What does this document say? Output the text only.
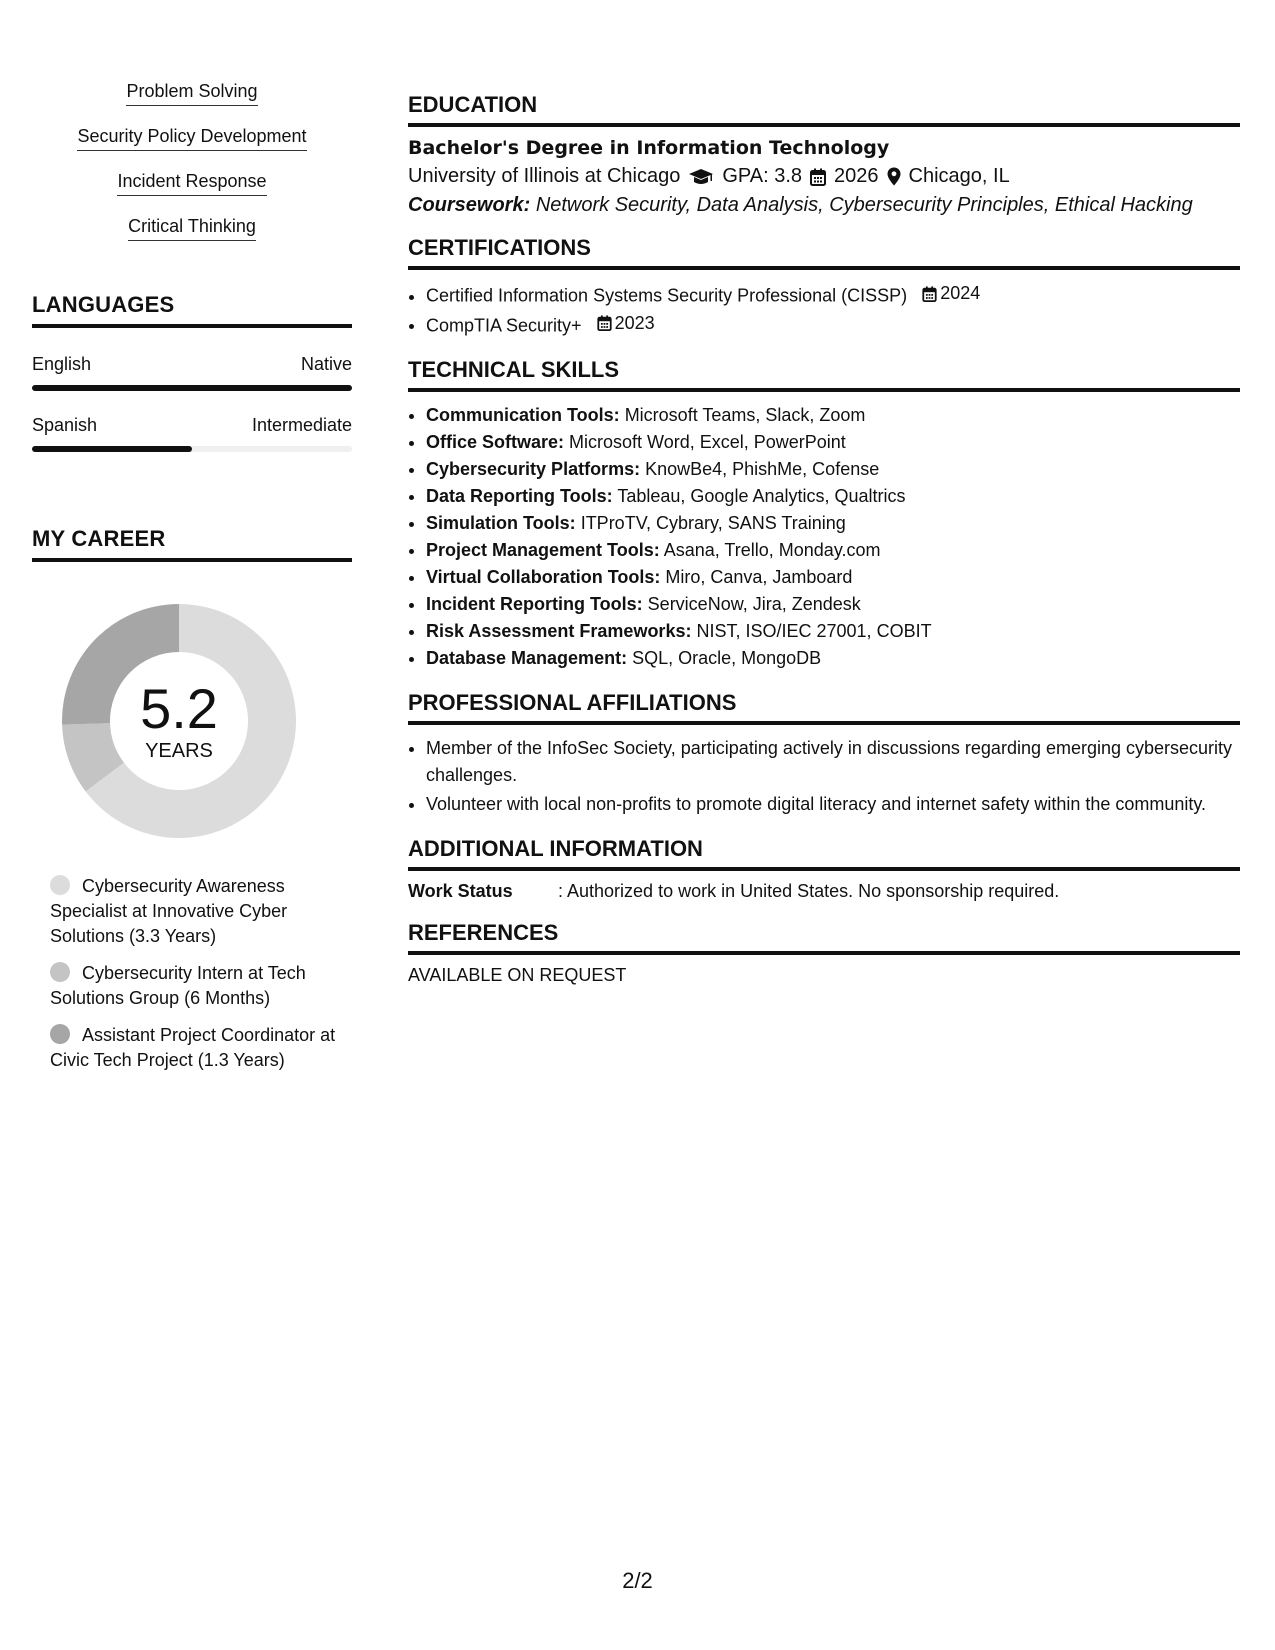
Problem Solving
Security Policy Development
Incident Response
Critical Thinking
LANGUAGES
English	Native
Spanish	Intermediate
MY CAREER
5.2
YEARS
Cybersecurity Awareness Specialist at Innovative Cyber Solutions (3.3 Years)
Cybersecurity Intern at Tech Solutions Group (6 Months)
Assistant Project Coordinator at Civic Tech Project (1.3 Years)
EDUCATION
Bachelor's Degree in Information Technology
University of Illinois at Chicago GPA: 3.8 2026 Chicago, IL
Coursework: Network Security, Data Analysis, Cybersecurity Principles, Ethical Hacking
CERTIFICATIONS
• Certified Information Systems Security Professional (CISSP) 2024
• CompTIA Security+ 2023
TECHNICAL SKILLS
• Communication Tools: Microsoft Teams, Slack, Zoom
• Office Software: Microsoft Word, Excel, PowerPoint
• Cybersecurity Platforms: KnowBe4, PhishMe, Cofense
• Data Reporting Tools: Tableau, Google Analytics, Qualtrics
• Simulation Tools: ITProTV, Cybrary, SANS Training
• Project Management Tools: Asana, Trello, Monday.com
• Virtual Collaboration Tools: Miro, Canva, Jamboard
• Incident Reporting Tools: ServiceNow, Jira, Zendesk
• Risk Assessment Frameworks: NIST, ISO/IEC 27001, COBIT
• Database Management: SQL, Oracle, MongoDB
PROFESSIONAL AFFILIATIONS
• Member of the InfoSec Society, participating actively in discussions regarding emerging cybersecurity challenges.
• Volunteer with local non-profits to promote digital literacy and internet safety within the community.
ADDITIONAL INFORMATION
Work Status	: Authorized to work in United States. No sponsorship required.
REFERENCES
AVAILABLE ON REQUEST
2/2
